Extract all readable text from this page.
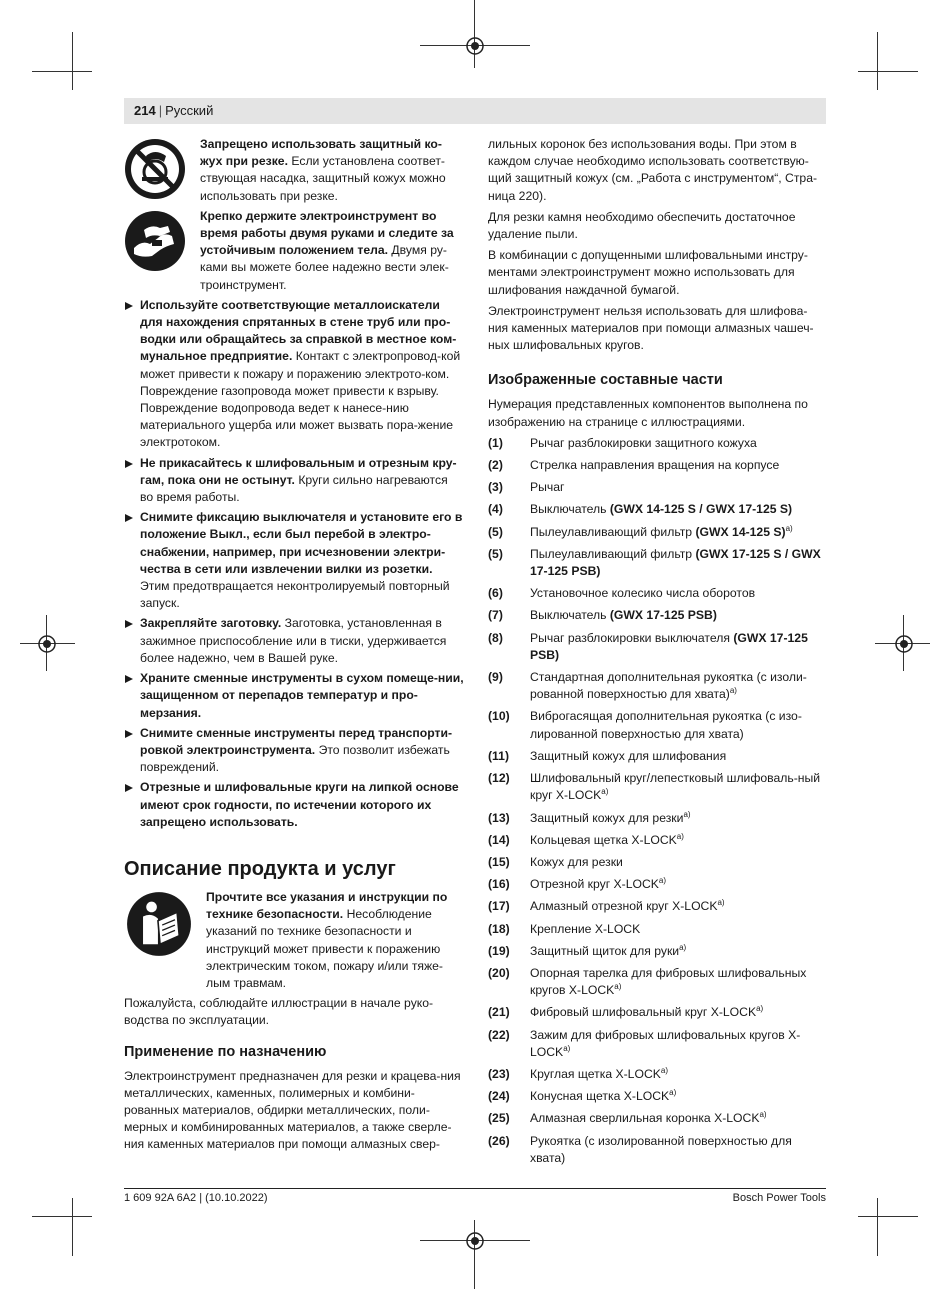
214 | Русский
Запрещено использовать защитный ко-жух при резке. Если установлена соответ-ствующая насадка, защитный кожух можно использовать при резке.
Крепко держите электроинструмент во время работы двумя руками и следите за устойчивым положением тела. Двумя ру-ками вы можете более надежно вести элек-троинструмент.
Используйте соответствующие металлоискатели для нахождения спрятанных в стене труб или про-водки или обращайтесь за справкой в местное ком-мунальное предприятие. Контакт с электропровод-кой может привести к пожару и поражению электрото-ком. Повреждение газопровода может привести к взрыву. Повреждение водопровода ведет к нанесе-нию материального ущерба или может вызвать пора-жение электротоком.
Не прикасайтесь к шлифовальным и отрезным кру-гам, пока они не остынут. Круги сильно нагреваются во время работы.
Снимите фиксацию выключателя и установите его в положение Выкл., если был перебой в электро-снабжении, например, при исчезновении электри-чества в сети или извлечении вилки из розетки. Этим предотвращается неконтролируемый повторный запуск.
Закрепляйте заготовку. Заготовка, установленная в зажимное приспособление или в тиски, удерживается более надежно, чем в Вашей руке.
Храните сменные инструменты в сухом помеще-нии, защищенном от перепадов температур и про-мерзания.
Снимите сменные инструменты перед транспорти-ровкой электроинструмента. Это позволит избежать повреждений.
Отрезные и шлифовальные круги на липкой основе имеют срок годности, по истечении которого их запрещено использовать.
Описание продукта и услуг
Прочтите все указания и инструкции по технике безопасности. Несоблюдение указаний по технике безопасности и инструкций может привести к поражению электрическим током, пожару и/или тяже-лым травмам.

Пожалуйста, соблюдайте иллюстрации в начале руко-водства по эксплуатации.

Применение по назначению

Электроинструмент предназначен для резки и крацева-ния металлических, каменных, полимерных и комбини-рованных материалов, обдирки металлических, поли-мерных и комбинированных материалов, а также сверле-ния каменных материалов при помощи алмазных свер-

лильных коронок без использования воды. При этом в каждом случае необходимо использовать соответствую-щий защитный кожух (см. „Работа с инструментом“, Стра-ница 220).

Для резки камня необходимо обеспечить достаточное удаление пыли.

В комбинации с допущенными шлифовальными инстру-ментами электроинструмент можно использовать для шлифования наждачной бумагой.

Электроинструмент нельзя использовать для шлифова-ния каменных материалов при помощи алмазных чашеч-ных шлифовальных кругов.

Изображенные составные части

Нумерация представленных компонентов выполнена по изображению на странице с иллюстрациями.

(1)	Рычаг разблокировки защитного кожуха
(2)	Стрелка направления вращения на корпусе
(3)	Рычаг
(4)	Выключатель (GWX 14-125 S / GWX 17-125 S)
(5)	Пылеулавливающий фильтр (GWX 14-125 S)$^{a)}$
(5)	Пылеулавливающий фильтр (GWX 17-125 S / GWX 17-125 PSB)
(6)	Установочное колесико числа оборотов
(7)	Выключатель (GWX 17-125 PSB)
(8)	Рычаг разблокировки выключателя (GWX 17-125 PSB)
(9)	Стандартная дополнительная рукоятка (с изоли-рованной поверхностью для хвата)$^{a)}$
(10)	Виброгасящая дополнительная рукоятка (с изо-лированной поверхностью для хвата)
(11)	Защитный кожух для шлифования
(12)	Шлифовальный круг/лепестковый шлифоваль-ный круг X-LOCK$^{a)}$
(13)	Защитный кожух для резки$^{a)}$
(14)	Кольцевая щетка X-LOCK$^{a)}$
(15)	Кожух для резки
(16)	Отрезной круг X-LOCK$^{a)}$
(17)	Алмазный отрезной круг X-LOCK$^{a)}$
(18)	Крепление X-LOCK
(19)	Защитный щиток для руки$^{a)}$
(20)	Опорная тарелка для фибровых шлифовальных кругов X-LOCK$^{a)}$
(21)	Фибровый шлифовальный круг X-LOCK$^{a)}$
(22)	Зажим для фибровых шлифовальных кругов X-LOCK$^{a)}$
(23)	Круглая щетка X-LOCK$^{a)}$
(24)	Конусная щетка X-LOCK$^{a)}$
(25)	Алмазная сверлильная коронка X-LOCK$^{a)}$
(26)	Рукоятка (с изолированной поверхностью для хвата)
1 609 92A 6A2 | (10.10.2022)	Bosch Power Tools
